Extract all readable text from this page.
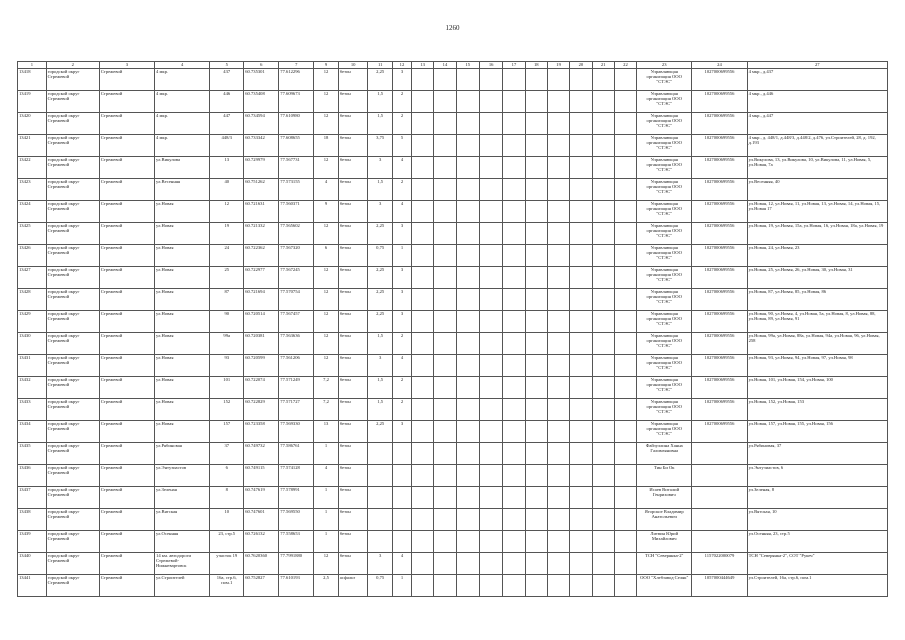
1260
1	2	3	4	5	6	7	9	10	11	12	13	14	15	16	17	18	19	20	21	22	23	24	27
13418	городской округ Стрежевой	Стрежевой	4 мкр.	437	60.735301	77.612296	12	бетон	2,25	3											Управляющая организация ООО "СТЭС"	1027000699556	4 мкр., д.437
13419	городской округ Стрежевой	Стрежевой	4 мкр.	446	60.735408	77.609673	12	бетон	1,5	2											Управляющая организация ООО "СТЭС"	1027000699556	4 мкр., д.446
13420	городской округ Стрежевой	Стрежевой	4 мкр.	447	60.734594	77.610980	12	бетон	1,5	2											Управляющая организация ООО "СТЭС"	1027000699556	4 мкр., д.447
13421	городской округ Стрежевой	Стрежевой	4 мкр.	448/3	60.733342	77.608655	18	бетон	3,75	5											Управляющая организация ООО "СТЭС"	1027000699556	4 мкр., д. 448/1, д.448/3, д.448/2, д.476, ул.Строителей, 28, д. 192, д.193
13422	городской округ Стрежевой	Стрежевой	ул.Викулова	13	60.729979	77.567731	12	бетон	3	4											Управляющая организация ООО "СТЭС"	1027000699556	ул.Викулова, 13, ул.Викулова, 10, ул.Викулова, 11, ул.Новая, 5, ул.Новая, 7а
13423	городской округ Стрежевой	Стрежевой	ул.Весенняя	40	60.751262	77.573155	4	бетон	1,5	2											Управляющая организация ООО "СТЭС"	1027000699556	ул.Весенняя, 40
13424	городской округ Стрежевой	Стрежевой	ул.Новая	12	60.721631	77.560371	9	бетон	3	4											Управляющая организация ООО "СТЭС"	1027000699556	ул.Новая, 12, ул.Новая, 11, ул.Новая, 13, ул.Новая, 14, ул.Новая, 15, ул.Новая 17
13425	городской округ Стрежевой	Стрежевой	ул.Новая	19	60.721332	77.565602	12	бетон	2,25	3											Управляющая организация ООО "СТЭС"	1027000699556	ул.Новая, 19, ул.Новая, 15а, ул.Новая, 16, ул.Новая, 18а, ул.Новая, 19
13426	городской округ Стрежевой	Стрежевой	ул.Новая	24	60.722362	77.567320	6	бетон	0,75	1											Управляющая организация ООО "СТЭС"	1027000699556	ул.Новая, 24, ул.Новая, 23
13427	городской округ Стрежевой	Стрежевой	ул.Новая	25	60.722977	77.567245	12	бетон	2,25	3											Управляющая организация ООО "СТЭС"	1027000699556	ул.Новая, 25, ул.Новая, 26, ул.Новая, 30, ул.Новая, 31
13428	городской округ Стрежевой	Стрежевой	ул.Новая	87	60.721694	77.570754	12	бетон	2,25	3											Управляющая организация ООО "СТЭС"	1027000699556	ул.Новая, 87, ул.Новая, 85, ул.Новая, 86
13429	городской округ Стрежевой	Стрежевой	ул.Новая	90	60.720514	77.567457	12	бетон	2,25	3											Управляющая организация ООО "СТЭС"	1027000699556	ул.Новая, 90, ул.Новая, 4, ул.Новая, 5а, ул.Новая, 8, ул.Новая, 88, ул.Новая, 89, ул.Новая, 91
13430	городской округ Стрежевой	Стрежевой	ул.Новая	99а	60.720381	77.563636	12	бетон	1,5	2											Управляющая организация ООО "СТЭС"	1027000699556	ул.Новая, 99а, ул.Новая, 88а, ул.Новая, 94а, ул.Новая, 96, ул.Новая, 258
13431	городской округ Стрежевой	Стрежевой	ул.Новая	93	60.720599	77.561206	12	бетон	3	4											Управляющая организация ООО "СТЭС"	1027000699556	ул.Новая, 93, ул.Новая, 94, ул.Новая, 97, ул.Новая, 98
13432	городской округ Стрежевой	Стрежевой	ул.Новая	101	60.722074	77.571249	7,2	бетон	1,5	2											Управляющая организация ООО "СТЭС"	1027000699556	ул.Новая, 101, ул.Новая, 154, ул.Новая, 100
13433	городской округ Стрежевой	Стрежевой	ул.Новая	152	60.722829	77.571727	7,2	бетон	1,5	2											Управляющая организация ООО "СТЭС"	1027000699556	ул.Новая, 152, ул.Новая, 153
13434	городской округ Стрежевой	Стрежевой	ул.Новая	157	60.723358	77.569330	13	бетон	2,25	3											Управляющая организация ООО "СТЭС"	1027000699556	ул.Новая, 157, ул.Новая, 155, ул.Новая, 156
13435	городской округ Стрежевой	Стрежевой	ул.Рябиновая	37	60.749732	77.586761	1	бетон													Файзуллина Ханна Галимзяновна		ул.Рябиновая, 37
13436	городской округ Стрежевой	Стрежевой	ул.Энтузиастов	6	60.749115	77.574128	4	бетон													Тин Би Ок		ул.Энтузиастов, 6
13437	городской округ Стрежевой	Стрежевой	ул.Зеленая	8	60.747619	77.578991	1	бетон													Исаев Виталий Генрихович		ул.Зеленая, 8
13438	городской округ Стрежевой	Стрежевой	ул.Вятская	10	60.747601	77.569550	1	бетон													Ягорское Владимир Анатольевич		ул.Вятская, 10
13439	городской округ Стрежевой	Стрежевой	ул.Осенняя	23, стр.5	60.726132	77.558653	1	бетон													Литвин Юрий Михайлович		ул.Осенняя, 23, стр.5
13440	городской округ Стрежевой	Стрежевой	14 км. автодороги Стрежевой-Нижневартовск	участок 19	60.7620360	77.7991880	12	бетон	3	4											ТСН "Северянка-2"	1157022000079	ТСН "Северянка-2", СОТ "Рукеч"
13441	городской округ Стрежевой	Стрежевой	ул.Строителей	16а, стр.6, пом.1	60.752827	77.610193	2,5	асфальт	0,75	1											ООО "Хлебзавод Селяк"	1057000444649	ул.Строителей, 16а, стр.6, пом.1
